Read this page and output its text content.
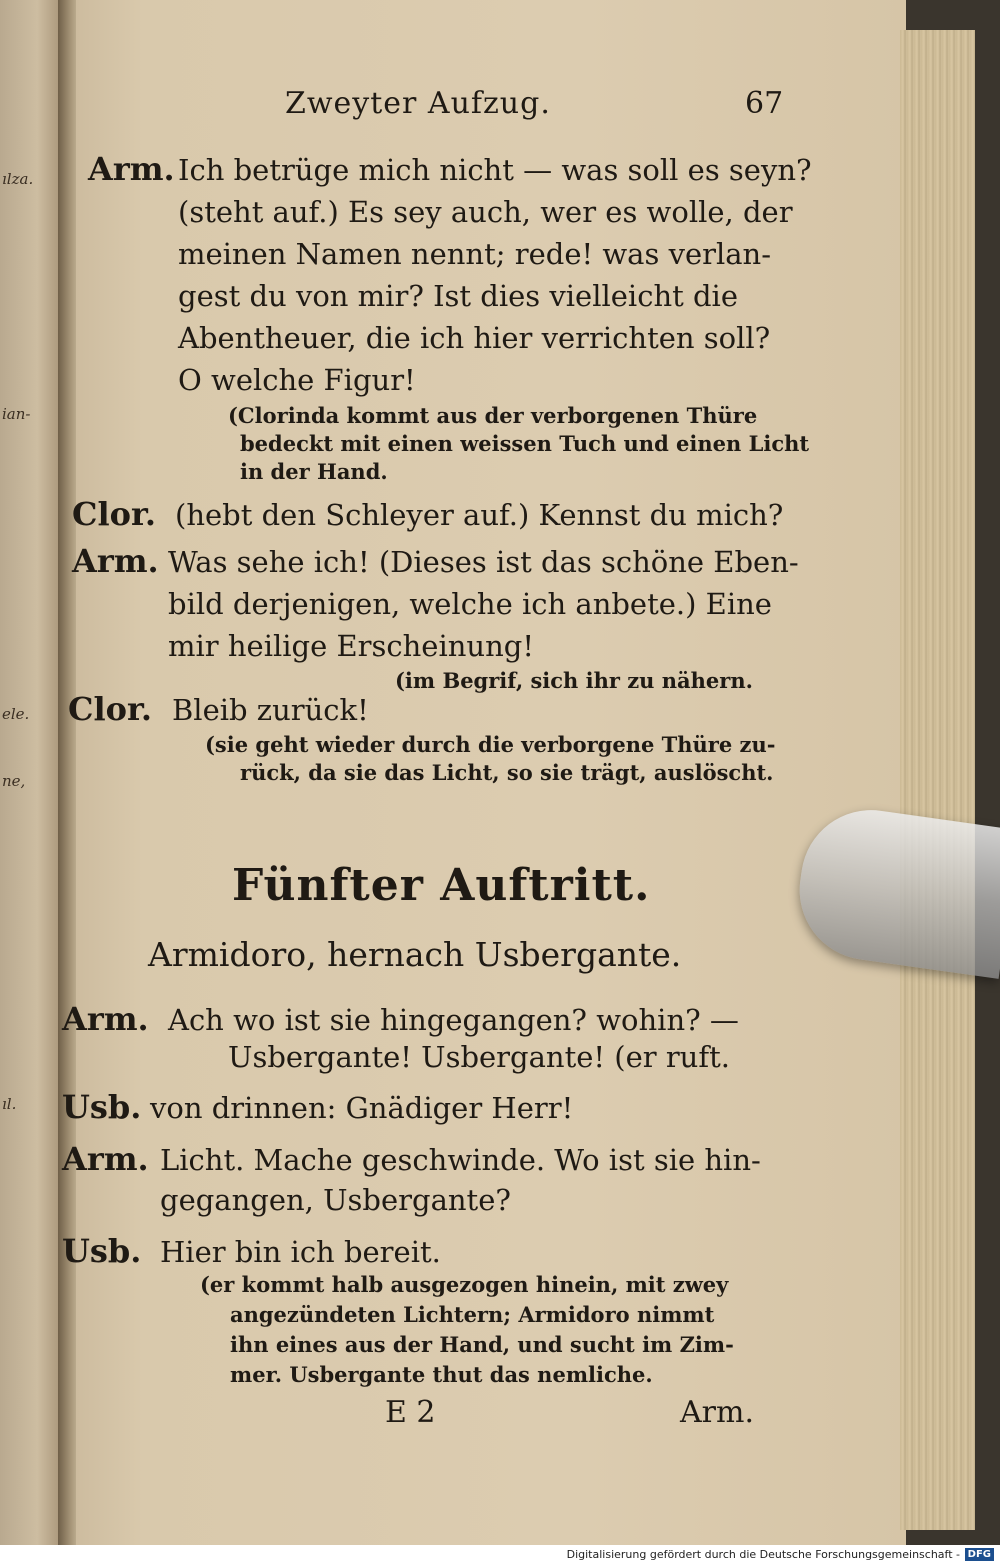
ılza.
ian-
ele.
ne,
ıl.
Zweyter Aufzug.	67
Arm. Ich betrüge mich nicht — was soll es seyn?
(steht auf.) Es sey auch, wer es wolle, der
meinen Namen nennt; rede! was verlan-
gest du von mir? Ist dies vielleicht die
Abentheuer, die ich hier verrichten soll?
O welche Figur!
(Clorinda kommt aus der verborgenen Thüre
bedeckt mit einen weissen Tuch und einen Licht
in der Hand.
Clor. (hebt den Schleyer auf.) Kennst du mich?
Arm. Was sehe ich! (Dieses ist das schöne Eben-
bild derjenigen, welche ich anbete.) Eine
mir heilige Erscheinung!
(im Begrif, sich ihr zu nähern.
Clor. Bleib zurück!
(sie geht wieder durch die verborgene Thüre zu-
rück, da sie das Licht, so sie trägt, auslöscht.
Fünfter Auftritt.
Armidoro, hernach Usbergante.
Arm. Ach wo ist sie hingegangen? wohin? —
Usbergante! Usbergante! (er ruft.
Usb. von drinnen: Gnädiger Herr!
Arm. Licht. Mache geschwinde. Wo ist sie hin-
gegangen, Usbergante?
Usb. Hier bin ich bereit.
(er kommt halb ausgezogen hinein, mit zwey
angezündeten Lichtern; Armidoro nimmt
ihn eines aus der Hand, und sucht im Zim-
mer. Usbergante thut das nemliche.
E 2	Arm.
Digitalisierung gefördert durch die Deutsche Forschungsgemeinschaft - DFG
